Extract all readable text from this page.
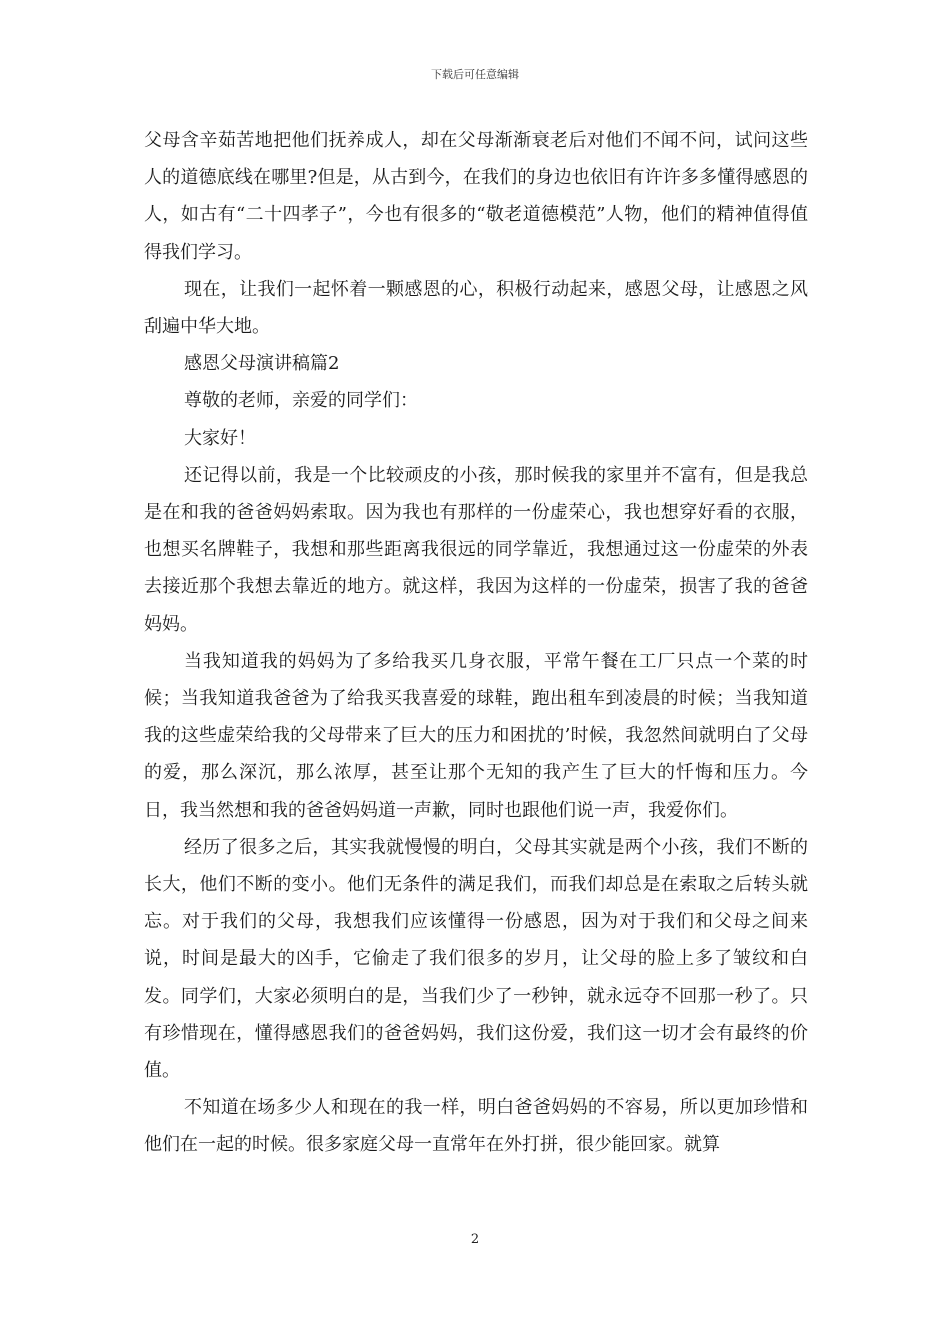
下载后可任意编辑

父母含辛茹苦地把他们抚养成人，却在父母渐渐衰老后对他们不闻不问，试问这些人的道德底线在哪里?但是，从古到今，在我们的身边也依旧有许许多多懂得感恩的人，如古有“二十四孝子”，今也有很多的“敬老道德模范”人物，他们的精神值得值得我们学习。

现在，让我们一起怀着一颗感恩的心，积极行动起来，感恩父母，让感恩之风刮遍中华大地。

感恩父母演讲稿篇2

尊敬的老师，亲爱的同学们：

大家好！

还记得以前，我是一个比较顽皮的小孩，那时候我的家里并不富有，但是我总是在和我的爸爸妈妈索取。因为我也有那样的一份虚荣心，我也想穿好看的衣服，也想买名牌鞋子，我想和那些距离我很远的同学靠近，我想通过这一份虚荣的外表去接近那个我想去靠近的地方。就这样，我因为这样的一份虚荣，损害了我的爸爸妈妈。

当我知道我的妈妈为了多给我买几身衣服，平常午餐在工厂只点一个菜的时候；当我知道我爸爸为了给我买我喜爱的球鞋，跑出租车到凌晨的时候；当我知道我的这些虚荣给我的父母带来了巨大的压力和困扰的’时候，我忽然间就明白了父母的爱，那么深沉，那么浓厚，甚至让那个无知的我产生了巨大的忏悔和压力。今日，我当然想和我的爸爸妈妈道一声歉，同时也跟他们说一声，我爱你们。

经历了很多之后，其实我就慢慢的明白，父母其实就是两个小孩，我们不断的长大，他们不断的变小。他们无条件的满足我们，而我们却总是在索取之后转头就忘。对于我们的父母，我想我们应该懂得一份感恩，因为对于我们和父母之间来说，时间是最大的凶手，它偷走了我们很多的岁月，让父母的脸上多了皱纹和白发。同学们，大家必须明白的是，当我们少了一秒钟，就永远夺不回那一秒了。只有珍惜现在，懂得感恩我们的爸爸妈妈，我们这份爱，我们这一切才会有最终的价值。

不知道在场多少人和现在的我一样，明白爸爸妈妈的不容易，所以更加珍惜和他们在一起的时候。很多家庭父母一直常年在外打拼，很少能回家。就算

2
